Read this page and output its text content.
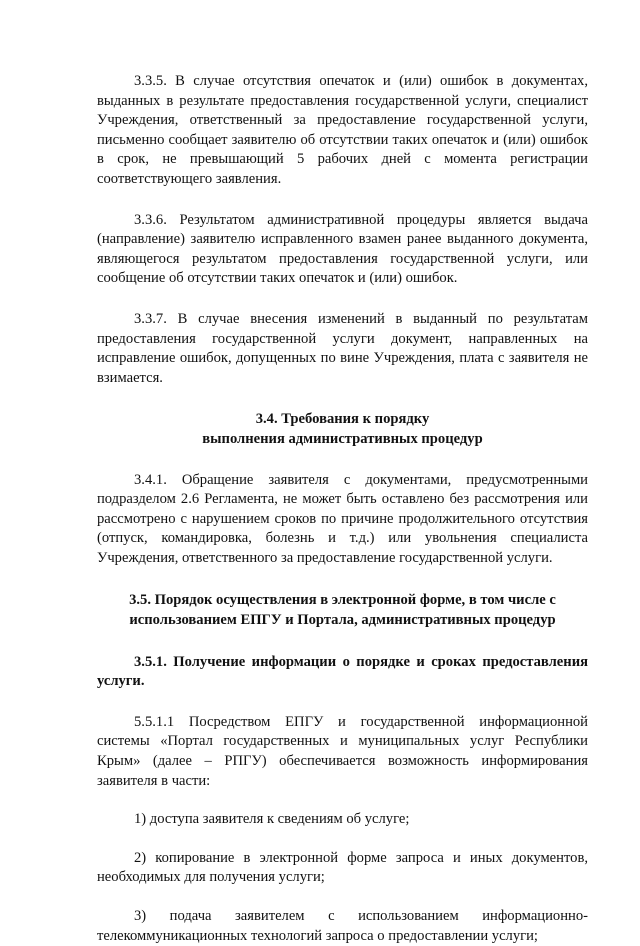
3.3.5. В случае отсутствия опечаток и (или) ошибок в документах, выданных в результате предоставления государственной услуги, специалист Учреждения, ответственный за предоставление государственной услуги, письменно сообщает заявителю об отсутствии таких опечаток и (или) ошибок в срок, не превышающий 5 рабочих дней с момента регистрации соответствующего заявления.

3.3.6. Результатом административной процедуры является выдача (направление) заявителю исправленного взамен ранее выданного документа, являющегося результатом предоставления государственной услуги, или сообщение об отсутствии таких опечаток и (или) ошибок.

3.3.7. В случае внесения изменений в выданный по результатам предоставления государственной услуги документ, направленных на исправление ошибок, допущенных по вине Учреждения, плата с заявителя не взимается.

3.4. Требования к порядку
выполнения административных процедур

3.4.1. Обращение заявителя с документами, предусмотренными подразделом 2.6 Регламента, не может быть оставлено без рассмотрения или рассмотрено с нарушением сроков по причине продолжительного отсутствия (отпуск, командировка, болезнь и т.д.) или увольнения специалиста Учреждения, ответственного за предоставление государственной услуги.

3.5. Порядок осуществления в электронной форме, в том числе с
использованием ЕПГУ и Портала, административных процедур

3.5.1. Получение информации о порядке и сроках предоставления услуги.

5.5.1.1 Посредством ЕПГУ и государственной информационной системы «Портал государственных и муниципальных услуг Республики Крым» (далее – РПГУ) обеспечивается возможность информирования заявителя в части:

1) доступа заявителя к сведениям об услуге;

2) копирование в электронной форме запроса и иных документов, необходимых для получения услуги;

3) подача заявителем с использованием информационно-телекоммуникационных технологий запроса о предоставлении услуги;
